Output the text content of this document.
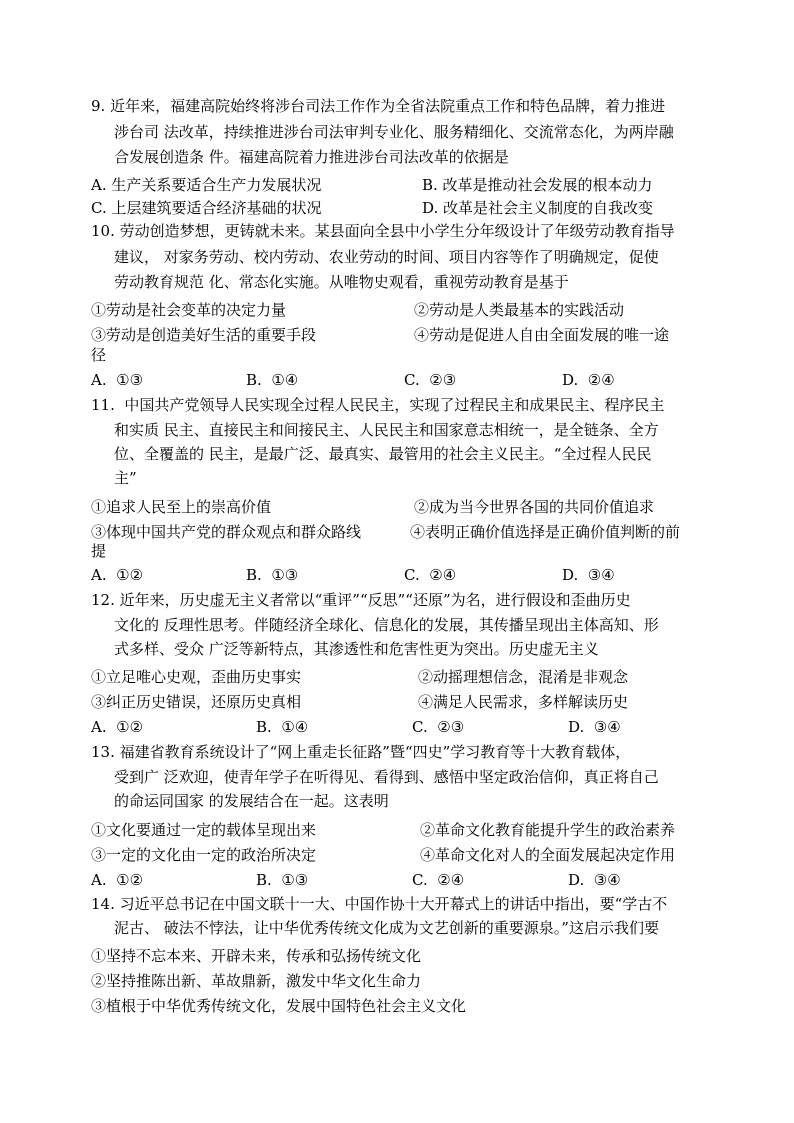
9. 近年来，福建高院始终将涉台司法工作作为全省法院重点工作和特色品牌，着力推进
涉台司 法改革，持续推进涉台司法审判专业化、服务精细化、交流常态化，为两岸融
合发展创造条 件。福建高院着力推进涉台司法改革的依据是
A. 生产关系要适合生产力发展状况	B. 改革是推动社会发展的根本动力
C. 上层建筑要适合经济基础的状况	D. 改革是社会主义制度的自我改变
10. 劳动创造梦想，更铸就未来。某县面向全县中小学生分年级设计了年级劳动教育指导
建议， 对家务劳动、校内劳动、农业劳动的时间、项目内容等作了明确规定，促使
劳动教育规范 化、常态化实施。从唯物史观看，重视劳动教育是基于
①劳动是社会变革的决定力量	②劳动是人类最基本的实践活动
③劳动是创造美好生活的重要手段	④劳动是促进人自由全面发展的唯一途
径
A.  ①③	B.  ①④	C.  ②③	D.  ②④
11.  中国共产党领导人民实现全过程人民民主，实现了过程民主和成果民主、程序民主
和实质 民主、直接民主和间接民主、人民民主和国家意志相统一，是全链条、全方
位、全覆盖的 民主，是最广泛、最真实、最管用的社会主义民主。“全过程人民民
主”
①追求人民至上的崇高价值	②成为当今世界各国的共同价值追求
③体现中国共产党的群众观点和群众路线	④表明正确价值选择是正确价值判断的前
提
A.  ①②	B.  ①③	C.  ②④	D.  ③④
12. 近年来，历史虚无主义者常以“重评”“反思”“还原”为名，进行假设和歪曲历史
文化的 反理性思考。伴随经济全球化、信息化的发展，其传播呈现出主体高知、形
式多样、受众 广泛等新特点，其渗透性和危害性更为突出。历史虚无主义
①立足唯心史观，歪曲历史事实	②动摇理想信念，混淆是非观念
③纠正历史错误，还原历史真相	④满足人民需求，多样解读历史
A.  ①②	B.  ①④	C.  ②③	D.  ③④
13. 福建省教育系统设计了“网上重走长征路”暨“四史”学习教育等十大教育载体，
受到广 泛欢迎，使青年学子在听得见、看得到、感悟中坚定政治信仰，真正将自己
的命运同国家 的发展结合在一起。这表明
①文化要通过一定的载体呈现出来	②革命文化教育能提升学生的政治素养
③一定的文化由一定的政治所决定	④革命文化对人的全面发展起决定作用
A.  ①②	B.  ①③	C.  ②④	D.  ③④
14. 习近平总书记在中国文联十一大、中国作协十大开幕式上的讲话中指出，要“学古不
泥古、 破法不悖法，让中华优秀传统文化成为文艺创新的重要源泉。”这启示我们要
①坚持不忘本来、开辟未来，传承和弘扬传统文化
②坚持推陈出新、革故鼎新，激发中华文化生命力
③植根于中华优秀传统文化，发展中国特色社会主义文化
